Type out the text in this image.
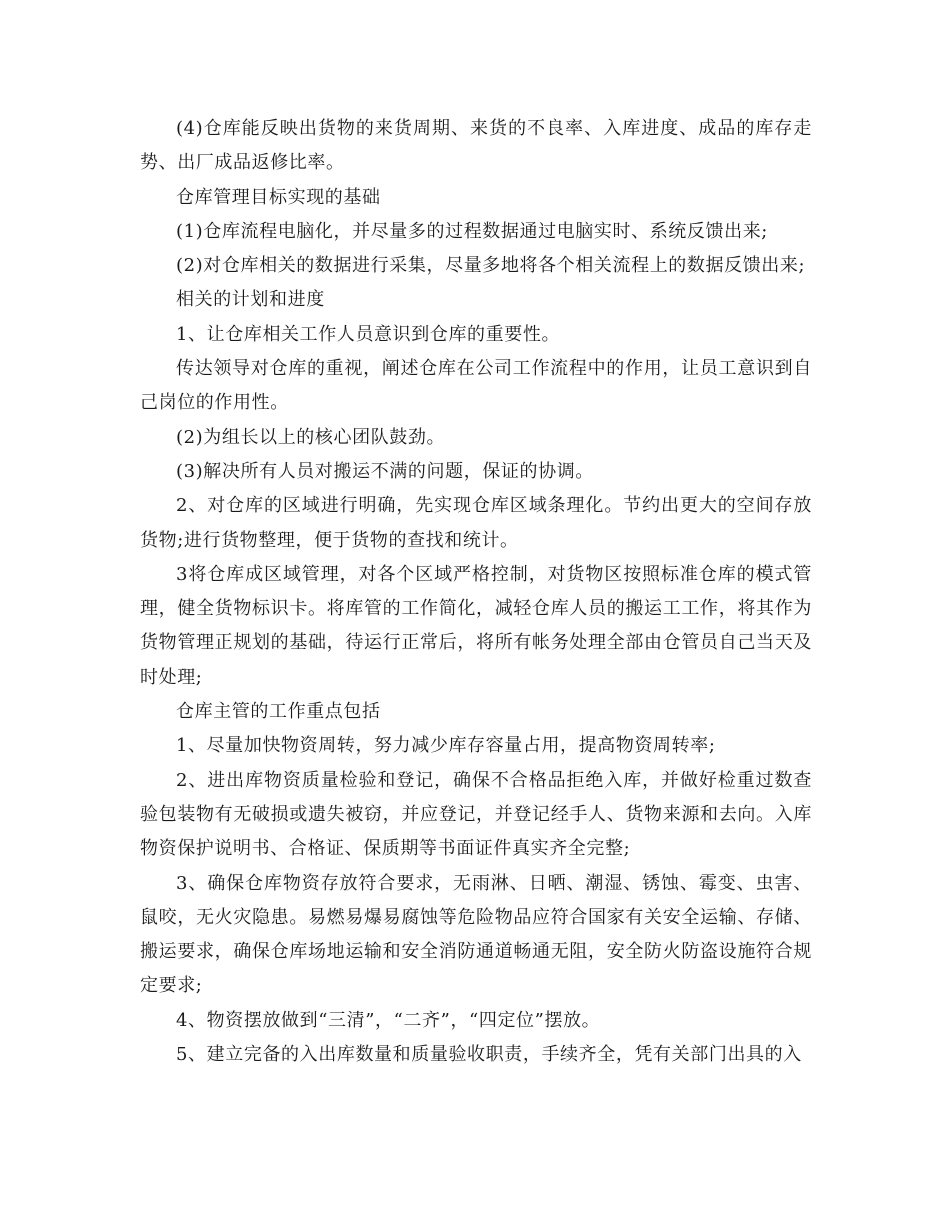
(4)仓库能反映出货物的来货周期、来货的不良率、入库进度、成品的库存走势、出厂成品返修比率。

仓库管理目标实现的基础

(1)仓库流程电脑化，并尽量多的过程数据通过电脑实时、系统反馈出来;

(2)对仓库相关的数据进行采集，尽量多地将各个相关流程上的数据反馈出来;

相关的计划和进度

1、让仓库相关工作人员意识到仓库的重要性。

传达领导对仓库的重视，阐述仓库在公司工作流程中的作用，让员工意识到自己岗位的作用性。

(2)为组长以上的核心团队鼓劲。

(3)解决所有人员对搬运不满的问题，保证的协调。

2、对仓库的区域进行明确，先实现仓库区域条理化。节约出更大的空间存放货物;进行货物整理，便于货物的查找和统计。

3将仓库成区域管理，对各个区域严格控制，对货物区按照标准仓库的模式管理，健全货物标识卡。将库管的工作简化，减轻仓库人员的搬运工工作，将其作为货物管理正规划的基础，待运行正常后，将所有帐务处理全部由仓管员自己当天及时处理;

仓库主管的工作重点包括

1、尽量加快物资周转，努力减少库存容量占用，提高物资周转率;

2、进出库物资质量检验和登记，确保不合格品拒绝入库，并做好检重过数查验包装物有无破损或遗失被窃，并应登记，并登记经手人、货物来源和去向。入库物资保护说明书、合格证、保质期等书面证件真实齐全完整;

3、确保仓库物资存放符合要求，无雨淋、日晒、潮湿、锈蚀、霉变、虫害、鼠咬，无火灾隐患。易燃易爆易腐蚀等危险物品应符合国家有关安全运输、存储、搬运要求，确保仓库场地运输和安全消防通道畅通无阻，安全防火防盗设施符合规定要求;

4、物资摆放做到“三清”，“二齐”，“四定位”摆放。

5、建立完备的入出库数量和质量验收职责，手续齐全，凭有关部门出具的入
